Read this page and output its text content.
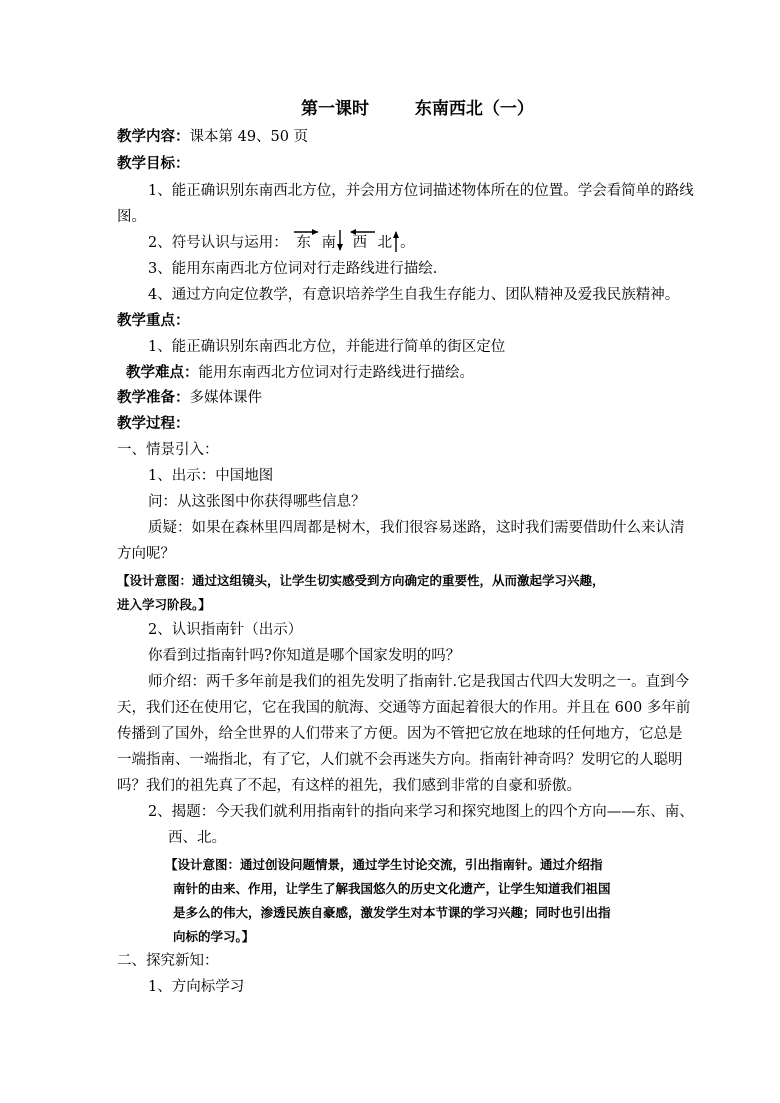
第一课时	东南西北（一）
教学内容：课本第 49、50 页
教学目标：
1、能正确识别东南西北方位，并会用方位词描述物体所在的位置。学会看简单的路线
图。
2、符号认识与运用： 东 南
西 北 。
3、能用东南西北方位词对行走路线进行描绘.
4、通过方向定位教学，有意识培养学生自我生存能力、团队精神及爱我民族精神。
教学重点：
1、能正确识别东南西北方位，并能进行简单的街区定位
教学难点：能用东南西北方位词对行走路线进行描绘。
教学准备：多媒体课件
教学过程：
一、情景引入：
1、出示：中国地图
问：从这张图中你获得哪些信息？
质疑：如果在森林里四周都是树木，我们很容易迷路，这时我们需要借助什么来认清
方向呢？
【设计意图：通过这组镜头，让学生切实感受到方向确定的重要性，从而激起学习兴趣，
进入学习阶段。】
2、认识指南针（出示）
你看到过指南针吗?你知道是哪个国家发明的吗？
师介绍：两千多年前是我们的祖先发明了指南针.它是我国古代四大发明之一。直到今
天，我们还在使用它，它在我国的航海、交通等方面起着很大的作用。并且在 600 多年前
传播到了国外，给全世界的人们带来了方便。因为不管把它放在地球的任何地方，它总是
一端指南、一端指北，有了它，人们就不会再迷失方向。指南针神奇吗？发明它的人聪明
吗？我们的祖先真了不起，有这样的祖先，我们感到非常的自豪和骄傲。
2、揭题：今天我们就利用指南针的指向来学习和探究地图上的四个方向——东、南、
西、北。
【设计意图：通过创设问题情景，通过学生讨论交流，引出指南针。通过介绍指
南针的由来、作用，让学生了解我国悠久的历史文化遗产，让学生知道我们祖国
是多么的伟大，渗透民族自豪感，激发学生对本节课的学习兴趣；同时也引出指
向标的学习。】
二、探究新知：
1、方向标学习
